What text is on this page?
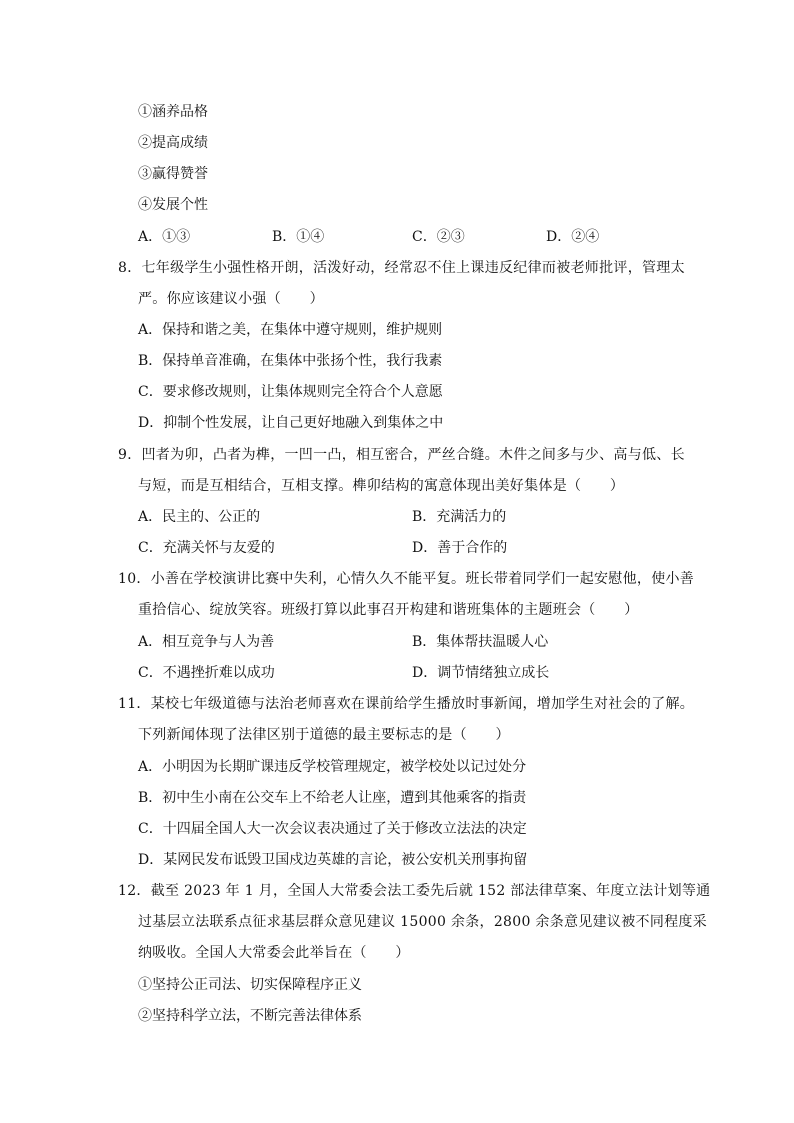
①涵养品格
②提高成绩
③赢得赞誉
④发展个性
A．①③	B．①④	C．②③	D．②④
8．七年级学生小强性格开朗，活泼好动，经常忍不住上课违反纪律而被老师批评，管理太
严。你应该建议小强（　　）
A．保持和谐之美，在集体中遵守规则，维护规则
B．保持单音准确，在集体中张扬个性，我行我素
C．要求修改规则，让集体规则完全符合个人意愿
D．抑制个性发展，让自己更好地融入到集体之中
9．凹者为卯，凸者为榫，一凹一凸，相互密合，严丝合缝。木件之间多与少、高与低、长
与短，而是互相结合，互相支撑。榫卯结构的寓意体现出美好集体是（　　）
A．民主的、公正的	B．充满活力的
C．充满关怀与友爱的	D．善于合作的
10．小善在学校演讲比赛中失利，心情久久不能平复。班长带着同学们一起安慰他，使小善
重拾信心、绽放笑容。班级打算以此事召开构建和谐班集体的主题班会（　　）
A．相互竞争与人为善	B．集体帮扶温暖人心
C．不遇挫折难以成功	D．调节情绪独立成长
11．某校七年级道德与法治老师喜欢在课前给学生播放时事新闻，增加学生对社会的了解。
下列新闻体现了法律区别于道德的最主要标志的是（　　）
A．小明因为长期旷课违反学校管理规定，被学校处以记过处分
B．初中生小南在公交车上不给老人让座，遭到其他乘客的指责
C．十四届全国人大一次会议表决通过了关于修改立法法的决定
D．某网民发布诋毁卫国戍边英雄的言论，被公安机关刑事拘留
12．截至 2023 年 1 月，全国人大常委会法工委先后就 152 部法律草案、年度立法计划等通
过基层立法联系点征求基层群众意见建议 15000 余条，2800 余条意见建议被不同程度采
纳吸收。全国人大常委会此举旨在（　　）
①坚持公正司法、切实保障程序正义
②坚持科学立法，不断完善法律体系
